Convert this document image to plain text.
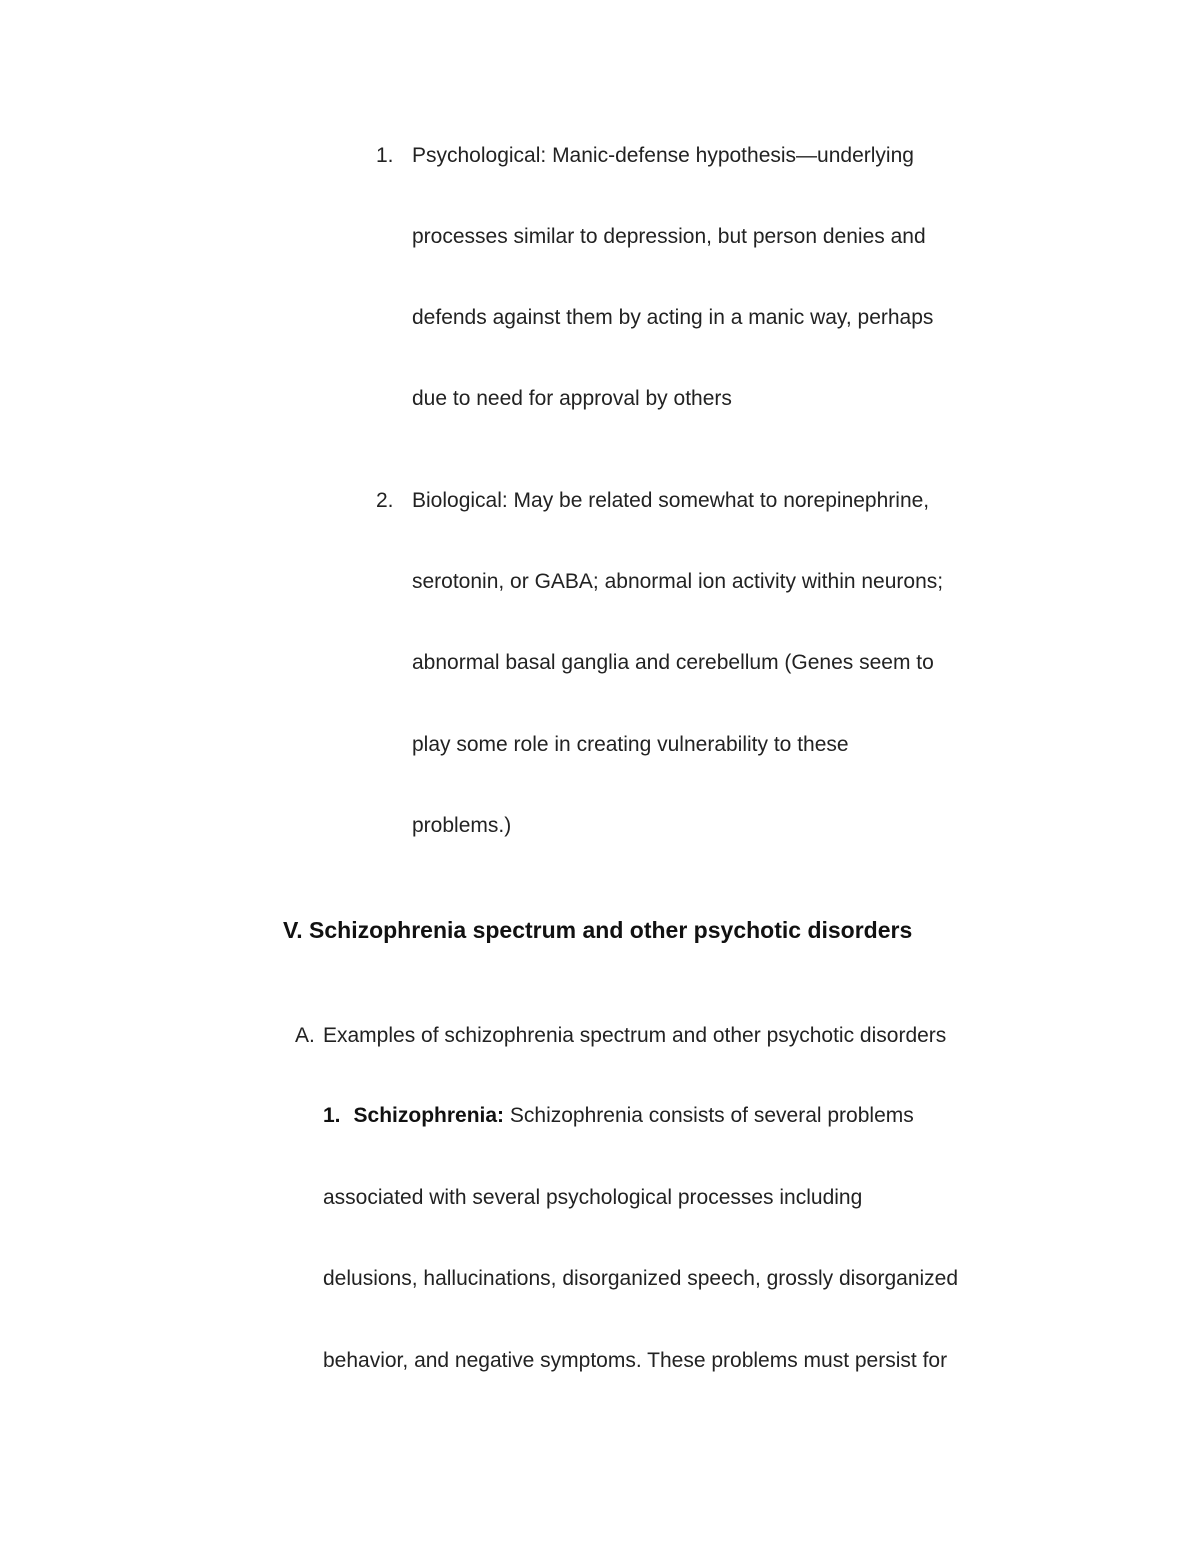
1. Psychological: Manic-defense hypothesis—underlying
processes similar to depression, but person denies and
defends against them by acting in a manic way, perhaps
due to need for approval by others
2. Biological: May be related somewhat to norepinephrine,
serotonin, or GABA; abnormal ion activity within neurons;
abnormal basal ganglia and cerebellum (Genes seem to
play some role in creating vulnerability to these
problems.)
V. Schizophrenia spectrum and other psychotic disorders
A. Examples of schizophrenia spectrum and other psychotic disorders
1. Schizophrenia: Schizophrenia consists of several problems
associated with several psychological processes including
delusions, hallucinations, disorganized speech, grossly disorganized
behavior, and negative symptoms. These problems must persist for
